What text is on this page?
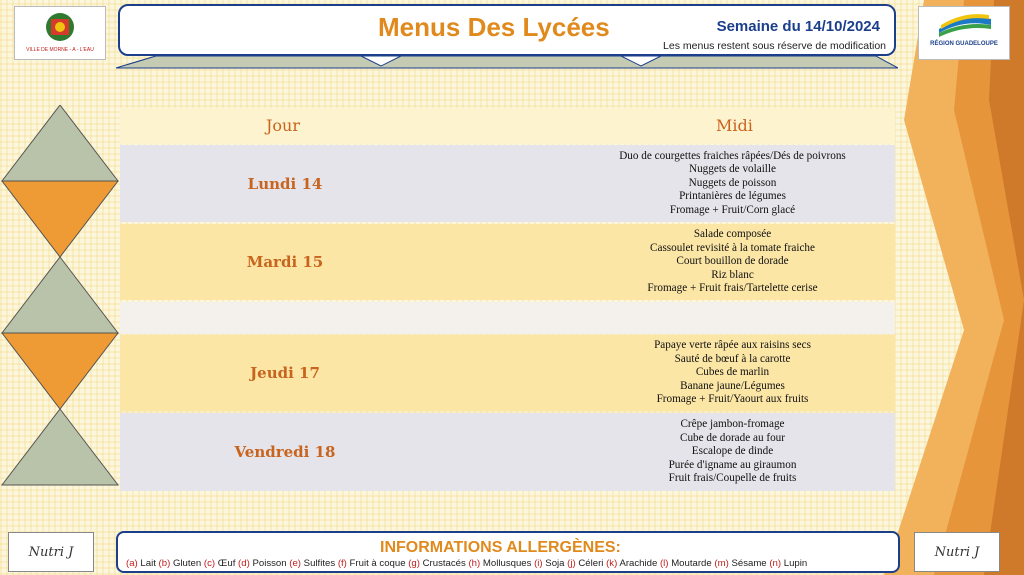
VILLE DE MORNE - A - L'EAU
RÉGION GUADELOUPE
Menus Des Lycées	Semaine du 14/10/2024
Les menus restent sous réserve de modification
Jour	Midi
Lundi 14
Duo de courgettes fraiches râpées/Dés de poivrons
Nuggets de volaille
Nuggets de poisson
Printanières de légumes
Fromage + Fruit/Corn glacé
Mardi 15
Salade composée
Cassoulet revisité à la tomate fraiche
Court bouillon de dorade
Riz blanc
Fromage + Fruit frais/Tartelette cerise
Jeudi 17
Papaye verte râpée aux raisins secs
Sauté de bœuf à la carotte
Cubes de marlin
Banane jaune/Légumes
Fromage + Fruit/Yaourt aux fruits
Vendredi 18
Crêpe jambon-fromage
Cube de dorade au four
Escalope de dinde
Purée d'igname au giraumon
Fruit frais/Coupelle de fruits
Nutri J	Nutri J
INFORMATIONS ALLERGÈNES:
(a) Lait (b) Gluten (c) Œuf (d) Poisson (e) Sulfites (f) Fruit à coque (g) Crustacés (h) Mollusques (i) Soja (j) Céleri (k) Arachide (l) Moutarde (m) Sésame (n) Lupin
